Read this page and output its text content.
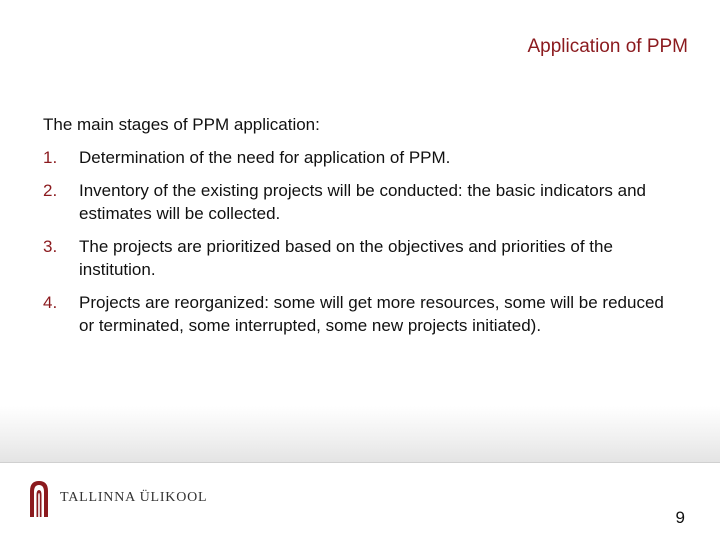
Application of PPM

The main stages of PPM application:

1.	Determination of the need for application of PPM.
2.	Inventory of the existing projects will be conducted: the basic indicators and estimates will be collected.
3.	The projects are prioritized based on the objectives and priorities of the institution.
4.	Projects are reorganized: some will get more resources, some will be reduced or terminated, some interrupted, some new projects initiated).
TALLINNA ÜLIKOOL
9
